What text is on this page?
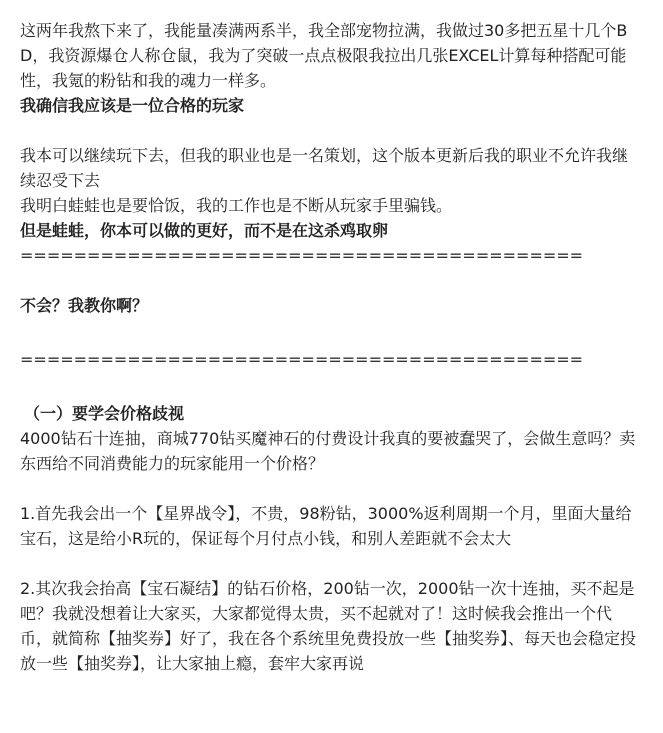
这两年我熬下来了，我能量凑满两系半，我全部宠物拉满，我做过30多把五星十几个BD，我资源爆仓人称仓鼠，我为了突破一点点极限我拉出几张EXCEL计算每种搭配可能性，我氪的粉钻和我的魂力一样多。

我确信我应该是一位合格的玩家

我本可以继续玩下去，但我的职业也是一名策划，这个版本更新后我的职业不允许我继续忍受下去

我明白蛙蛙也是要恰饭，我的工作也是不断从玩家手里骗钱。

但是蛙蛙，你本可以做的更好，而不是在这杀鸡取卵

==========================================

不会？我教你啊？

==========================================

（一）要学会价格歧视

4000钻石十连抽，商城770钻买魔神石的付费设计我真的要被蠢哭了，会做生意吗？卖东西给不同消费能力的玩家能用一个价格？

1.首先我会出一个【星界战令】，不贵，98粉钻，3000%返利周期一个月，里面大量给宝石，这是给小R玩的，保证每个月付点小钱，和别人差距就不会太大

2.其次我会抬高【宝石凝结】的钻石价格，200钻一次，2000钻一次十连抽，买不起是吧？我就没想着让大家买，大家都觉得太贵，买不起就对了！这时候我会推出一个代币，就简称【抽奖券】好了，我在各个系统里免费投放一些【抽奖券】、每天也会稳定投放一些【抽奖券】，让大家抽上瘾，套牢大家再说
